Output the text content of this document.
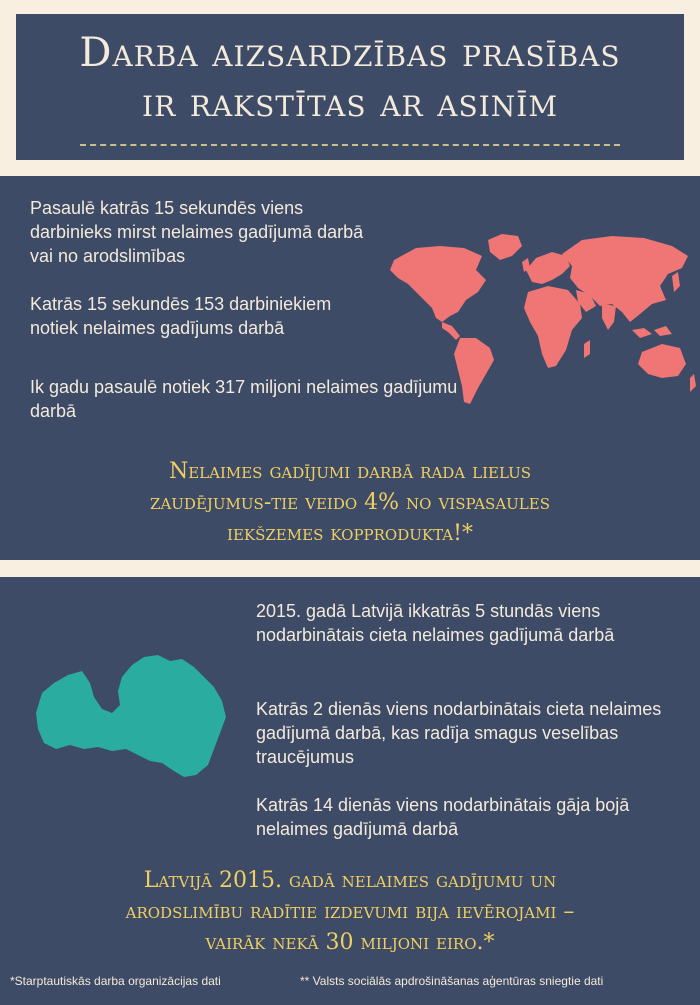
Darba aizsardzības prasības
ir rakstītas ar asinīm

Pasaulē katrās 15 sekundēs viens darbinieks mirst nelaimes gadījumā darbā vai no arodslimības

Katrās 15 sekundēs 153 darbiniekiem notiek nelaimes gadījums darbā

Ik gadu pasaulē notiek 317 miljoni nelaimes gadījumu darbā

Nelaimes gadījumi darbā rada lielus
zaudējumus-tie veido 4% no vispasaules
iekšzemes kopprodukta!*

2015. gadā Latvijā ikkatrās 5 stundās viens nodarbinātais cieta nelaimes gadījumā darbā

Katrās 2 dienās viens nodarbinātais cieta nelaimes gadījumā darbā, kas radīja smagus veselības traucējumus

Katrās 14 dienās viens nodarbinātais gāja bojā nelaimes gadījumā darbā

Latvijā 2015. gadā nelaimes gadījumu un
arodslimību radītie izdevumi bija ievērojami –
vairāk nekā 30 miljoni eiro.*

*Starptautiskās darba organizācijas dati	** Valsts sociālās apdrošināšanas aģentūras sniegtie dati
